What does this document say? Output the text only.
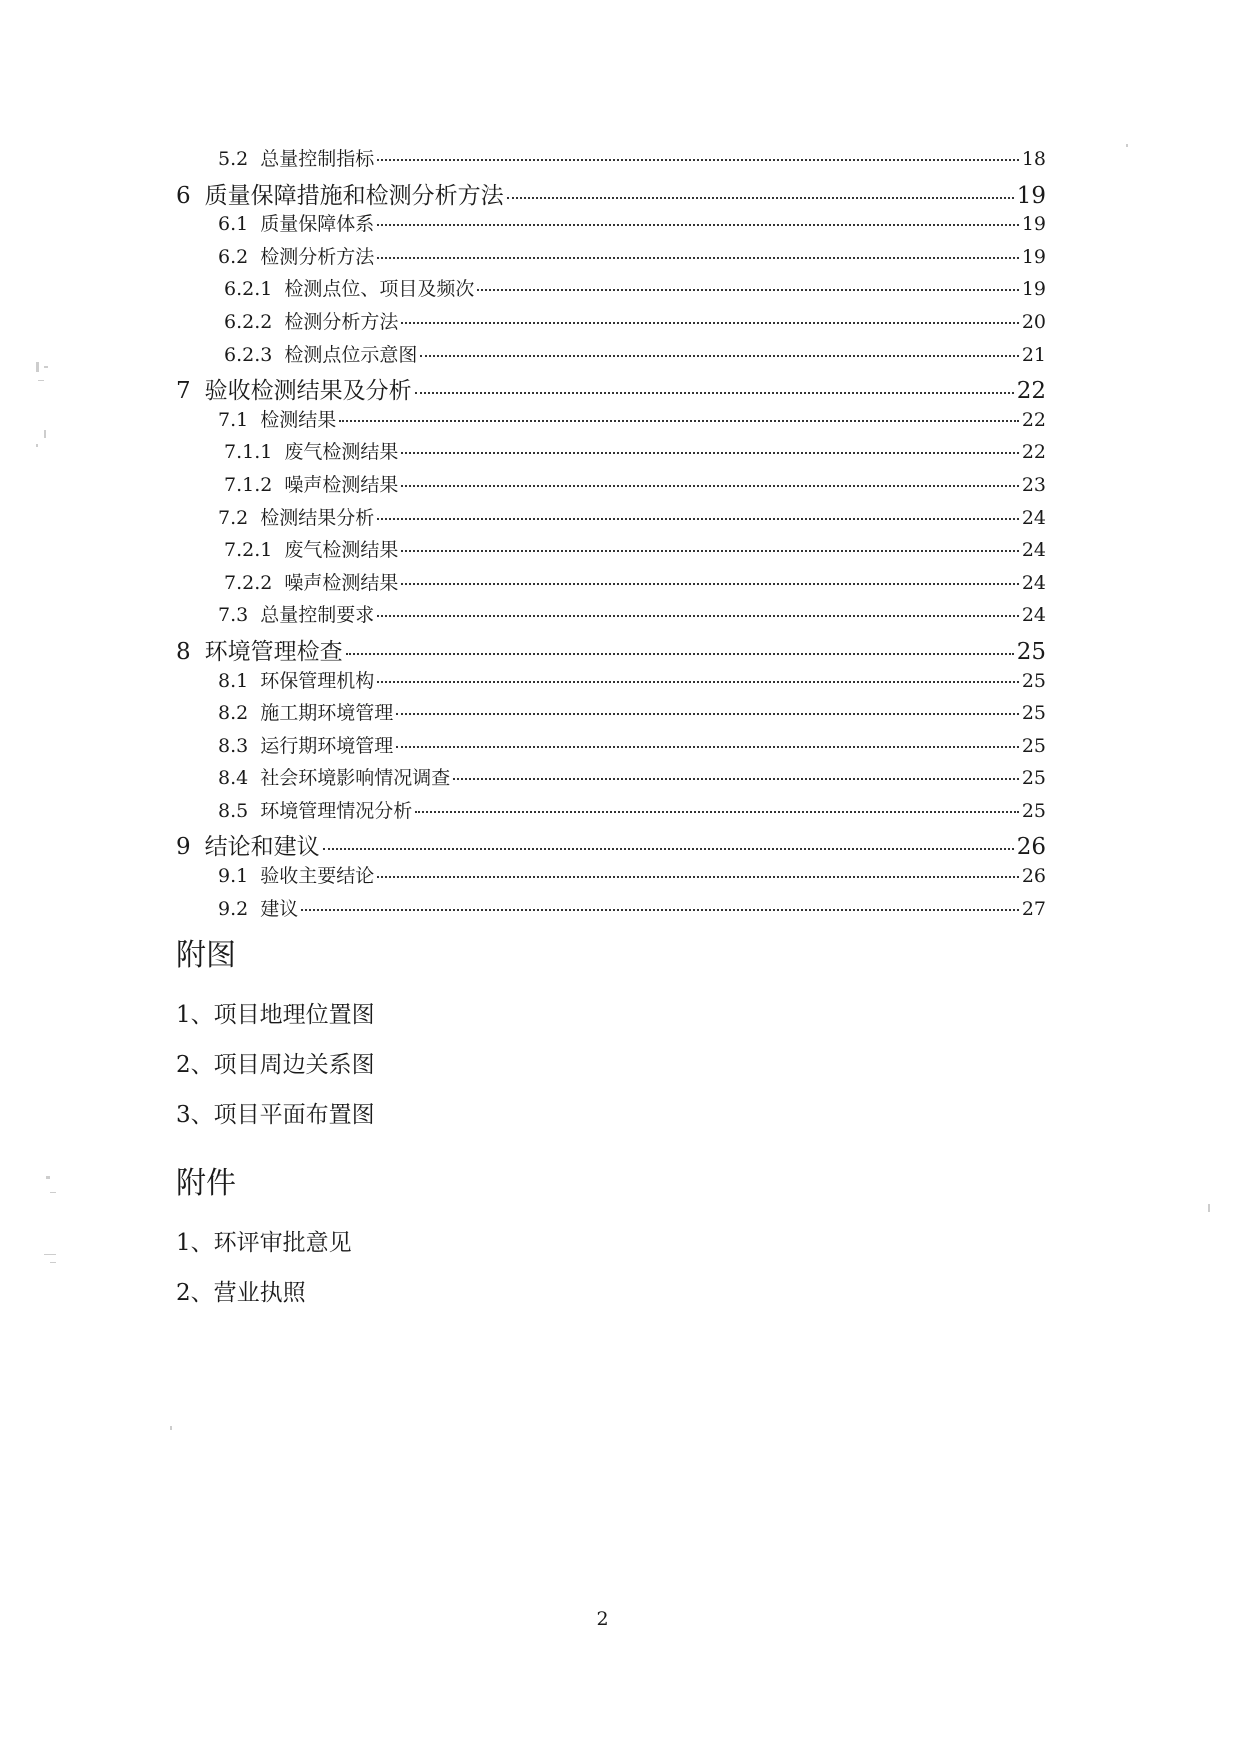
5.2 总量控制指标	18
6 质量保障措施和检测分析方法	19
6.1 质量保障体系	19
6.2 检测分析方法	19
6.2.1 检测点位、项目及频次	19
6.2.2 检测分析方法	20
6.2.3 检测点位示意图	21
7 验收检测结果及分析	22
7.1 检测结果	22
7.1.1 废气检测结果	22
7.1.2 噪声检测结果	23
7.2 检测结果分析	24
7.2.1 废气检测结果	24
7.2.2 噪声检测结果	24
7.3 总量控制要求	24
8 环境管理检查	25
8.1 环保管理机构	25
8.2 施工期环境管理	25
8.3 运行期环境管理	25
8.4 社会环境影响情况调查	25
8.5 环境管理情况分析	25
9 结论和建议	26
9.1 验收主要结论	26
9.2 建议	27
附图
1、项目地理位置图
2、项目周边关系图
3、项目平面布置图
附件
1、环评审批意见
2、营业执照
2
